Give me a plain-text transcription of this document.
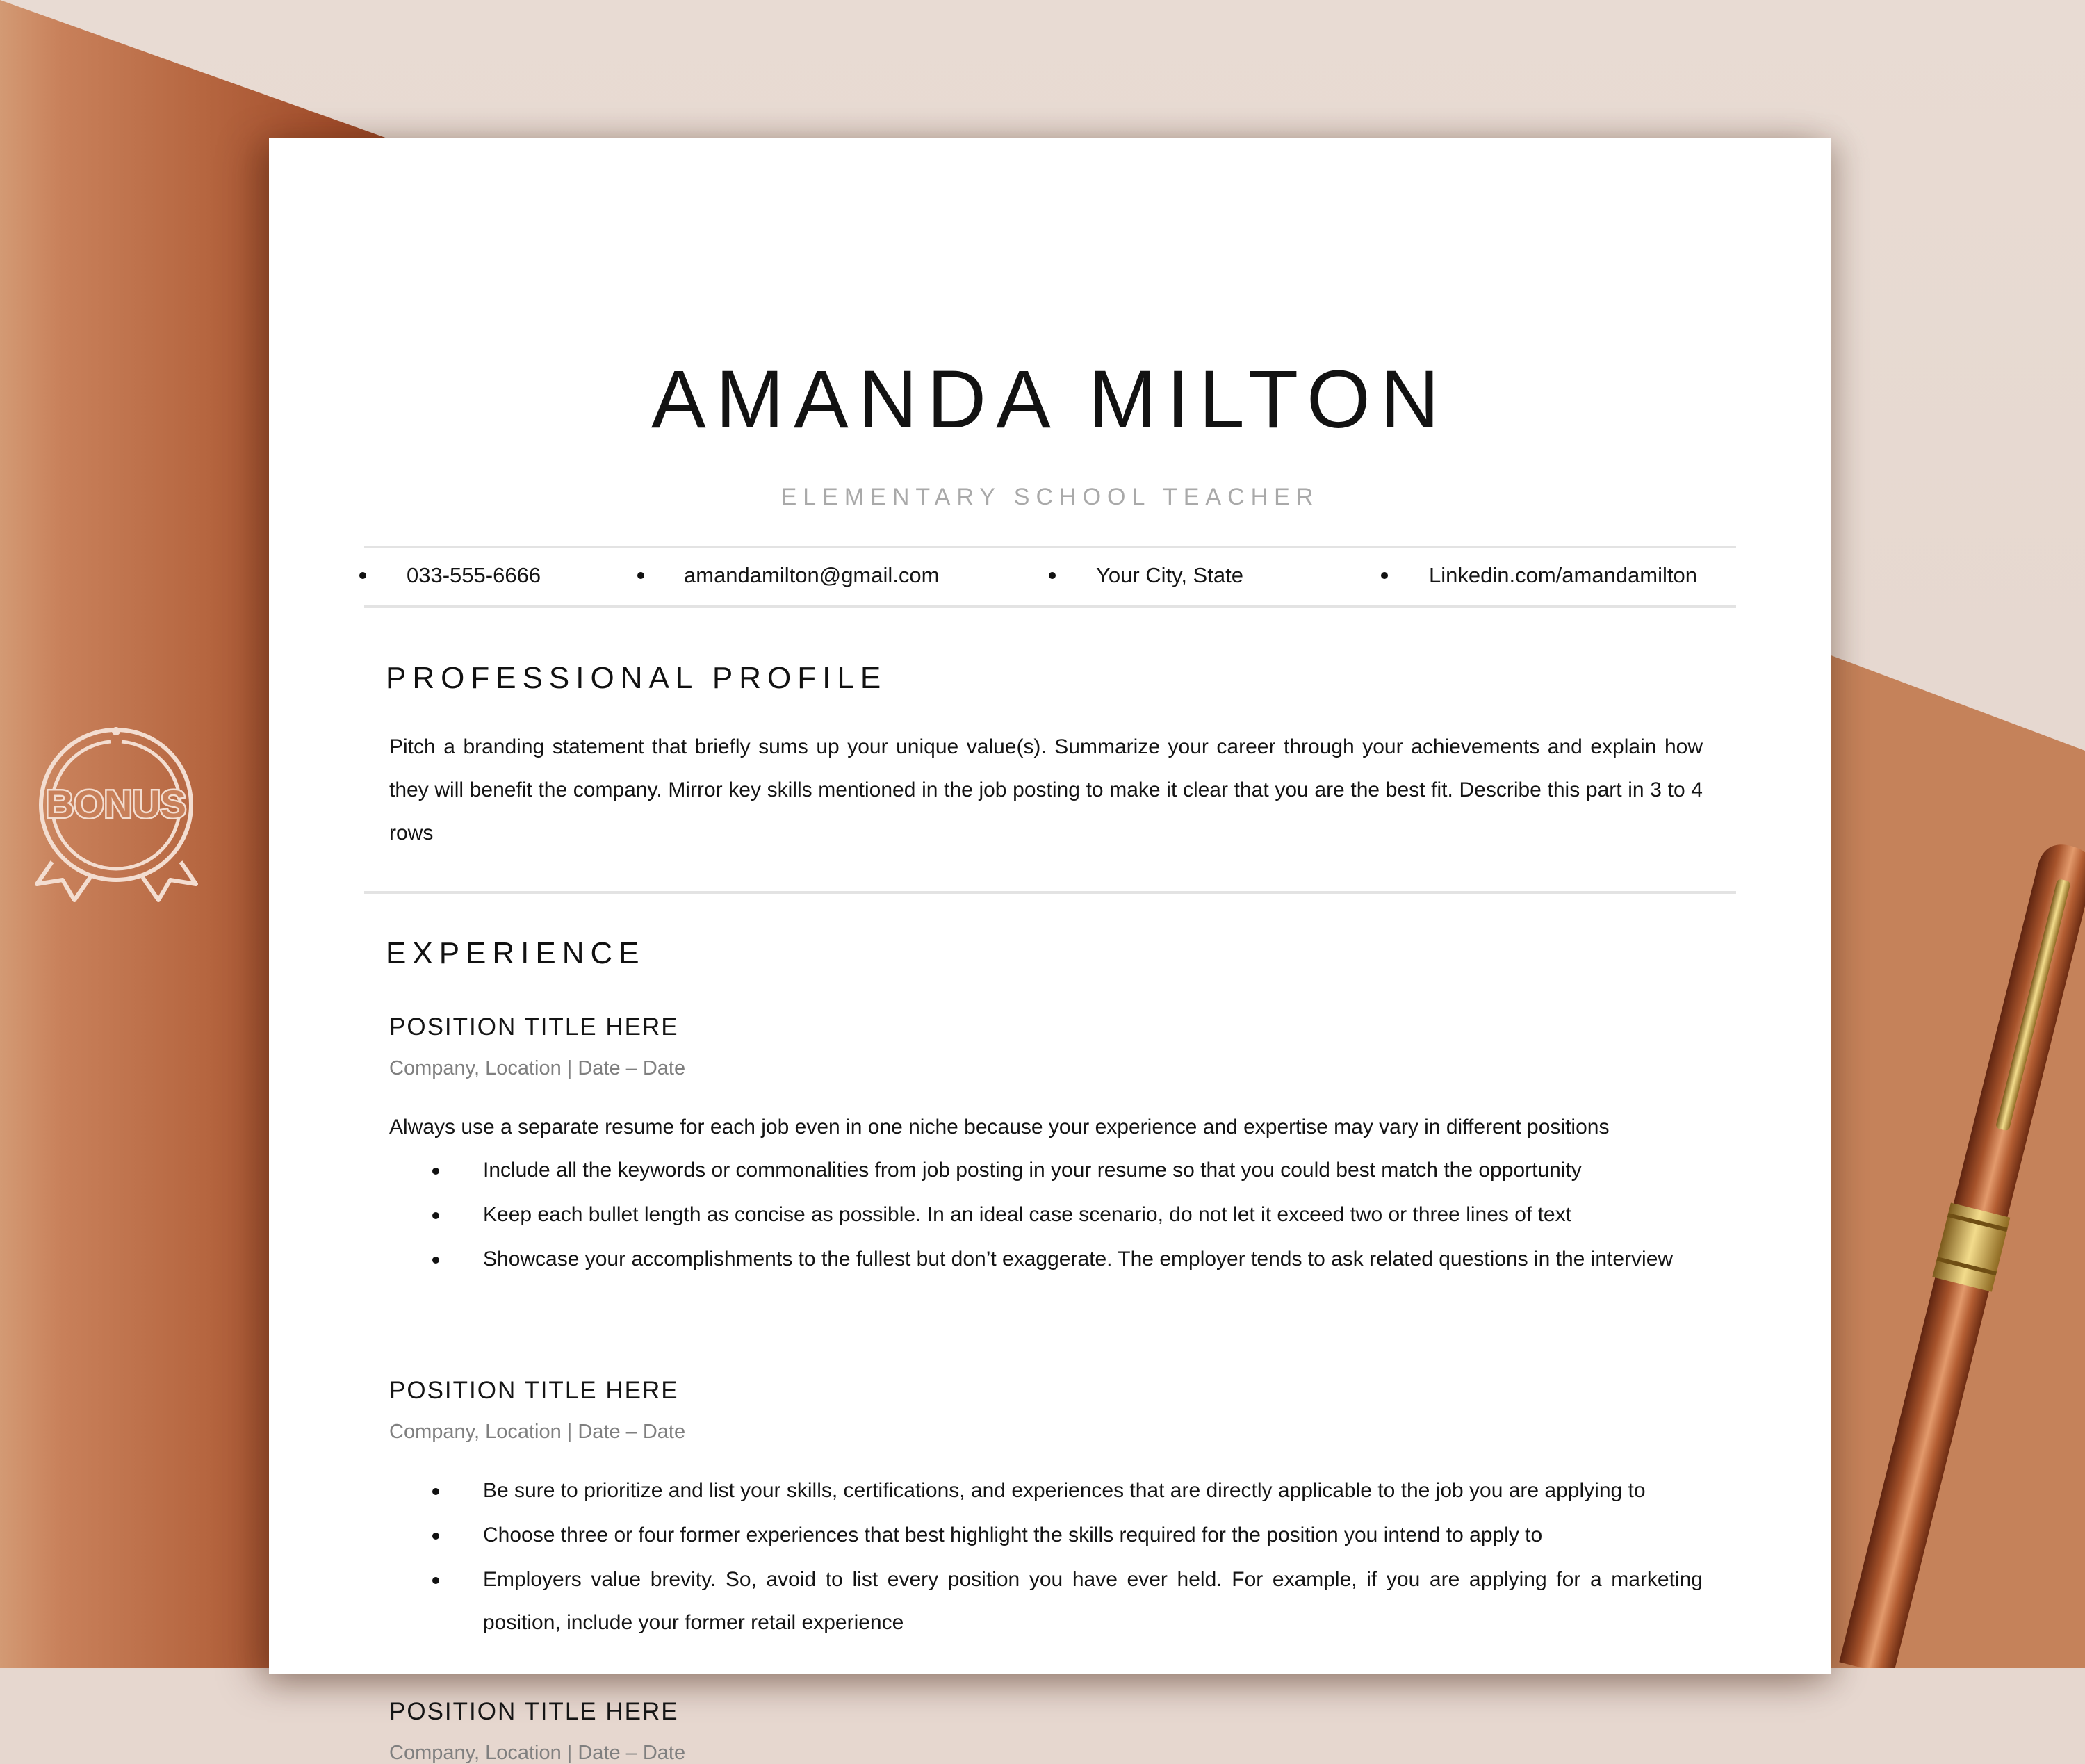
BONUS
AMANDA MILTON
ELEMENTARY SCHOOL TEACHER
033-555-6666	amandamilton@gmail.com	Your City, State	Linkedin.com/amandamilton
PROFESSIONAL PROFILE
Pitch a branding statement that briefly sums up your unique value(s). Summarize your career through your achievements and explain how they will benefit the company. Mirror key skills mentioned in the job posting to make it clear that you are the best fit. Describe this part in 3 to 4 rows
EXPERIENCE
POSITION TITLE HERE
Company, Location | Date – Date
Always use a separate resume for each job even in one niche because your experience and expertise may vary in different positions
Include all the keywords or commonalities from job posting in your resume so that you could best match the opportunity
Keep each bullet length as concise as possible. In an ideal case scenario, do not let it exceed two or three lines of text
Showcase your accomplishments to the fullest but don’t exaggerate. The employer tends to ask related questions in the interview
POSITION TITLE HERE
Company, Location | Date – Date
Be sure to prioritize and list your skills, certifications, and experiences that are directly applicable to the job you are applying to
Choose three or four former experiences that best highlight the skills required for the position you intend to apply to
Employers value brevity. So, avoid to list every position you have ever held. For example, if you are applying for a marketing position, include your former retail experience
POSITION TITLE HERE
Company, Location | Date – Date
